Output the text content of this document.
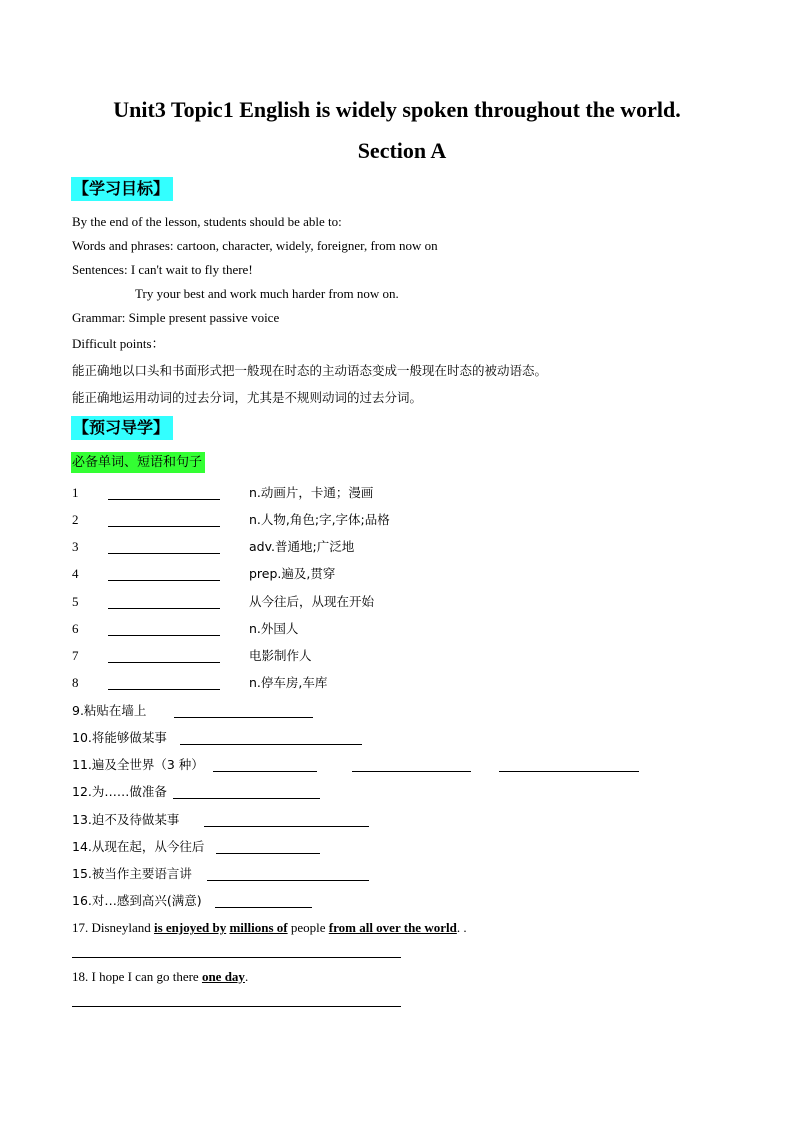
Unit3 Topic1 English is widely spoken throughout the world.
Section A
【学习目标】
By the end of the lesson, students should be able to:
Words and phrases: cartoon, character, widely, foreigner, from now on
Sentences: I can't wait to fly there!
Try your best and work much harder from now on.
Grammar: Simple present passive voice
Difficult points：
能正确地以口头和书面形式把一般现在时态的主动语态变成一般现在时态的被动语态。
能正确地运用动词的过去分词，尤其是不规则动词的过去分词。
【预习导学】
必备单词、短语和句子
1	n.动画片，卡通；漫画
2	n.人物,角色;字,字体;品格
3	adv.普通地;广泛地
4	prep.遍及,贯穿
5	从今往后，从现在开始
6	n.外国人
7	电影制作人
8	n.停车房,车库
9.粘贴在墙上
10.将能够做某事
11.遍及全世界（3 种）
12.为……做准备
13.迫不及待做某事
14.从现在起，从今往后
15.被当作主要语言讲
16.对…感到高兴(满意)
17. Disneyland is enjoyed by millions of people from all over the world. .
18. I hope I can go there one day.
